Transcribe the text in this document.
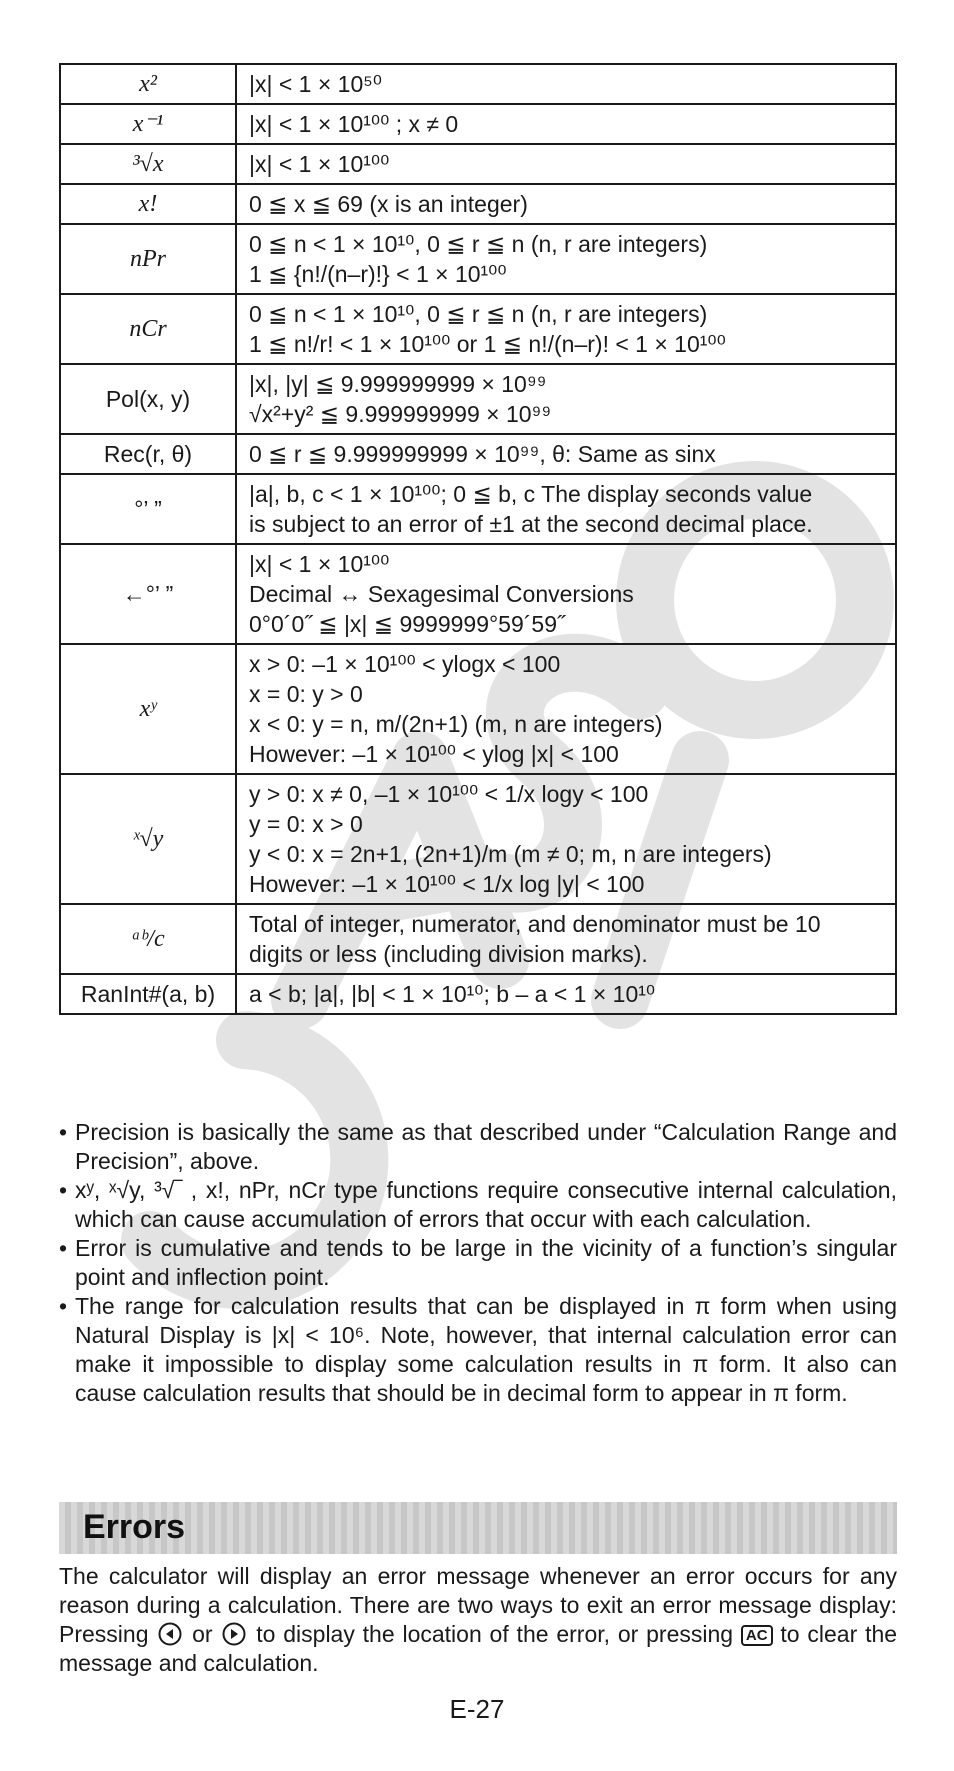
x²	|x| < 1 × 10⁵⁰

x⁻¹	|x| < 1 × 10¹⁰⁰ ; x ≠ 0

³√x	|x| < 1 × 10¹⁰⁰

x!	0 ≦ x ≦ 69 (x is an integer)

nPr	0 ≦ n < 1 × 10¹⁰, 0 ≦ r ≦ n (n, r are integers)
1 ≦ {n!/(n–r)!} < 1 × 10¹⁰⁰

nCr	0 ≦ n < 1 × 10¹⁰, 0 ≦ r ≦ n (n, r are integers)
1 ≦ n!/r! < 1 × 10¹⁰⁰ or 1 ≦ n!/(n–r)! < 1 × 10¹⁰⁰

Pol(x, y)	|x|, |y| ≦ 9.999999999 × 10⁹⁹
√x²+y² ≦ 9.999999999 × 10⁹⁹

Rec(r, θ)	0 ≦ r ≦ 9.999999999 × 10⁹⁹, θ: Same as sinx

°’ ”	|a|, b, c < 1 × 10¹⁰⁰; 0 ≦ b, c The display seconds value
is subject to an error of ±1 at the second decimal place.

←°’ ”	|x| < 1 × 10¹⁰⁰
Decimal ↔ Sexagesimal Conversions
0°0´0˝ ≦ |x| ≦ 9999999°59´59˝

xʸ	x > 0: –1 × 10¹⁰⁰ < ylogx < 100
x = 0: y > 0
x < 0: y = n, m/(2n+1) (m, n are integers)
However: –1 × 10¹⁰⁰ < ylog |x| < 100

ˣ√y	y > 0: x ≠ 0, –1 × 10¹⁰⁰ < 1/x logy < 100
y = 0: x > 0
y < 0: x = 2n+1, (2n+1)/m (m ≠ 0; m, n are integers)
However: –1 × 10¹⁰⁰ < 1/x log |y| < 100

ᵃᵇ/c	Total of integer, numerator, and denominator must be 10
digits or less (including division marks).

RanInt#(a, b)	a < b; |a|, |b| < 1 × 10¹⁰; b – a < 1 × 10¹⁰
• Precision is basically the same as that described under “Calculation Range and Precision”, above.
• xʸ, ˣ√y, ³√‾ , x!, nPr, nCr type functions require consecutive internal calculation, which can cause accumulation of errors that occur with each calculation.
• Error is cumulative and tends to be large in the vicinity of a function’s singular point and inflection point.
• The range for calculation results that can be displayed in π form when using Natural Display is |x| < 10⁶. Note, however, that internal calculation error can make it impossible to display some calculation results in π form. It also can cause calculation results that should be in decimal form to appear in π form.
Errors

The calculator will display an error message whenever an error occurs for any reason during a calculation. There are two ways to exit an error message display: Pressing or to display the location of the error, or pressing AC to clear the message and calculation.

E-27
